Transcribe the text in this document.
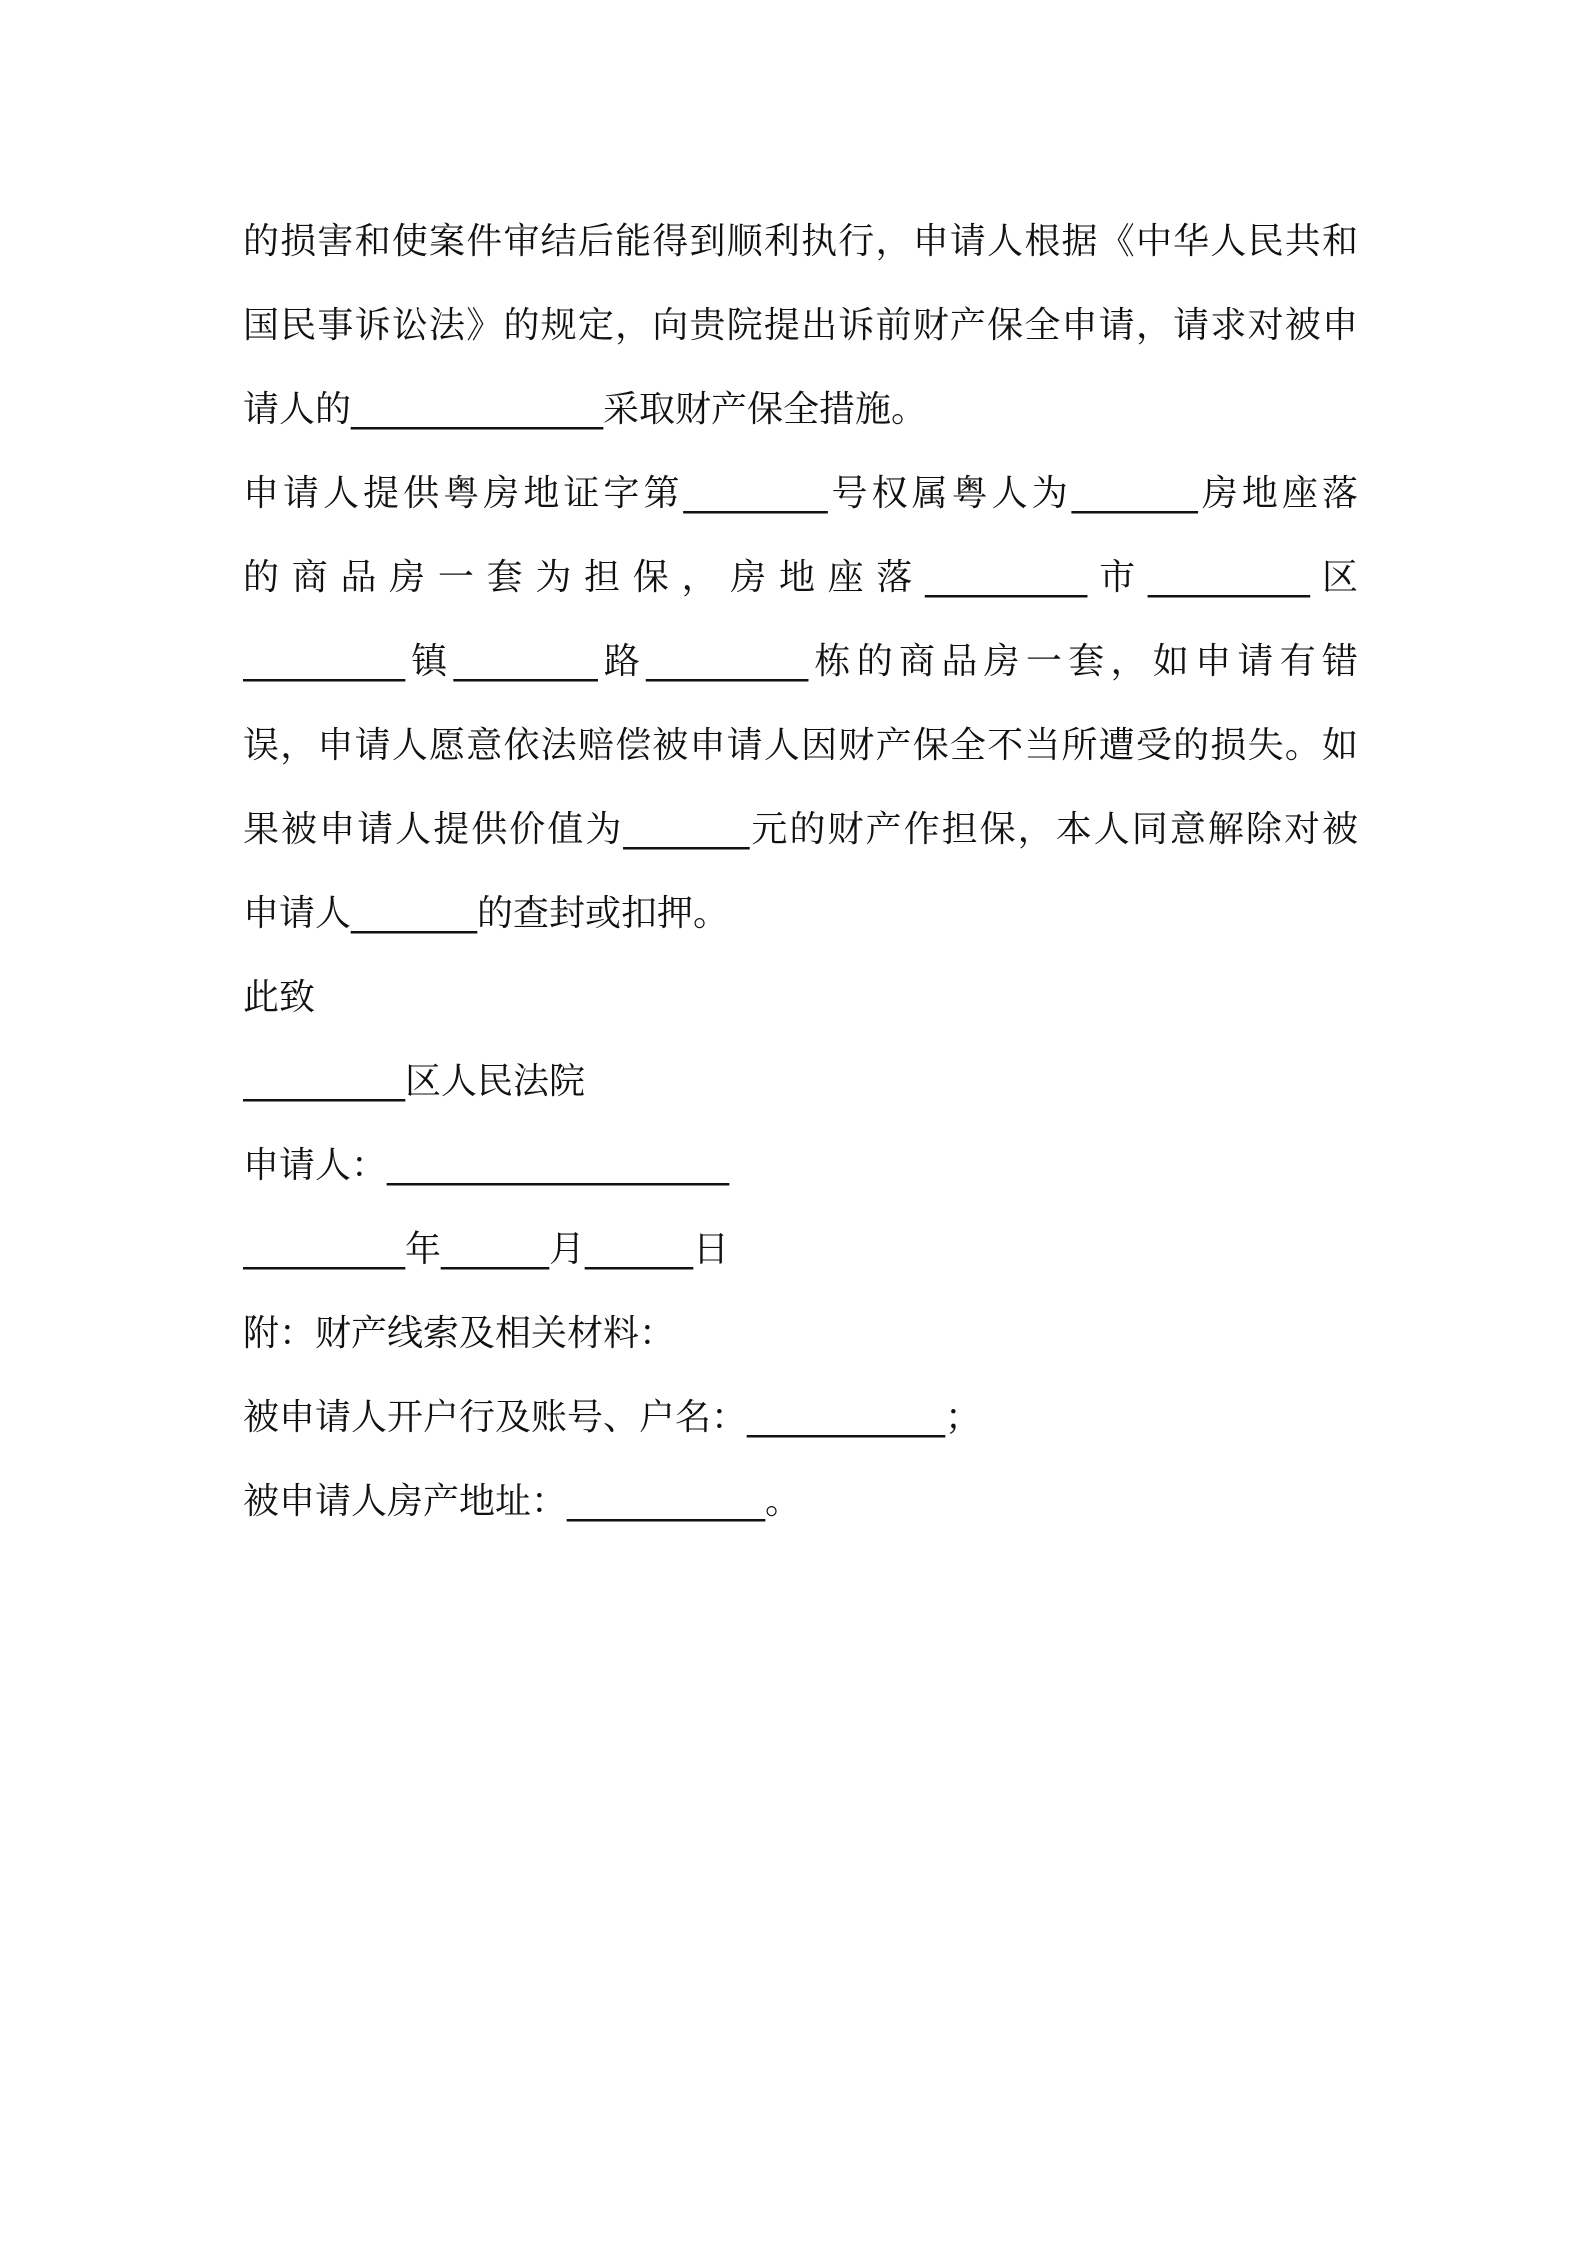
的损害和使案件审结后能得到顺利执行，申请人根据《中华人民共和
国民事诉讼法》的规定，向贵院提出诉前财产保全申请，请求对被申
请人的______________采取财产保全措施。
申请人提供粤房地证字第________号权属粤人为_______房地座落
的 商 品 房 一 套 为 担 保 ， 房 地 座 落 _________ 市 _________ 区
_________镇________路_________栋的商品房一套，如申请有错
误，申请人愿意依法赔偿被申请人因财产保全不当所遭受的损失。如
果被申请人提供价值为_______元的财产作担保，本人同意解除对被
申请人_______的查封或扣押。
此致
_________区人民法院
申请人：___________________
_________年______月______日
附：财产线索及相关材料：
被申请人开户行及账号、户名：___________；
被申请人房产地址：___________。
